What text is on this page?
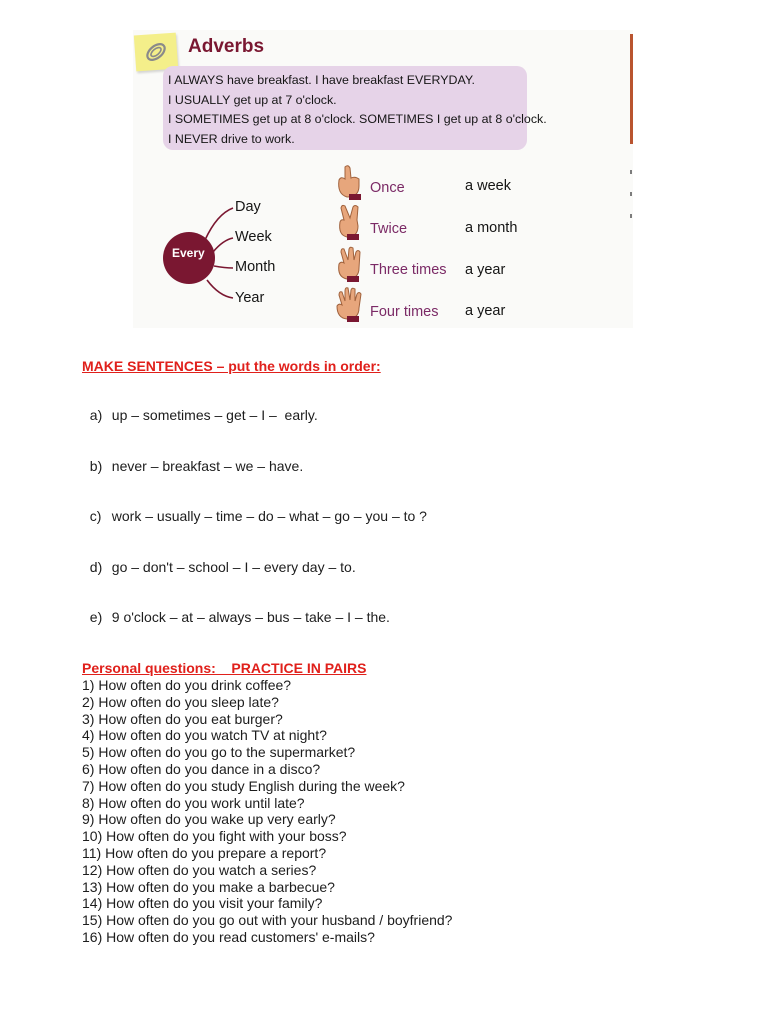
Adverbs
I ALWAYS have breakfast. I have breakfast EVERYDAY.
I USUALLY get up at 7 o'clock.
I SOMETIMES get up at 8 o'clock. SOMETIMES I get up at 8 o'clock.
I NEVER drive to work.
Every
Day
Week
Month
Year
Once	a week
Twice	a month
Three times a year
Four times a year
MAKE SENTENCES – put the words in order:

a) up – sometimes – get – I –  early.

b) never – breakfast – we – have.

c) work – usually – time – do – what – go – you – to ?

d) go – don't – school – I – every day – to.

e) 9 o'clock – at – always – bus – take – I – the.

Personal questions:    PRACTICE IN PAIRS
1) How often do you drink coffee?
2) How often do you sleep late?
3) How often do you eat burger?
4) How often do you watch TV at night?
5) How often do you go to the supermarket?
6) How often do you dance in a disco?
7) How often do you study English during the week?
8) How often do you work until late?
9) How often do you wake up very early?
10) How often do you fight with your boss?
11) How often do you prepare a report?
12) How often do you watch a series?
13) How often do you make a barbecue?
14) How often do you visit your family?
15) How often do you go out with your husband / boyfriend?
16) How often do you read customers' e-mails?
